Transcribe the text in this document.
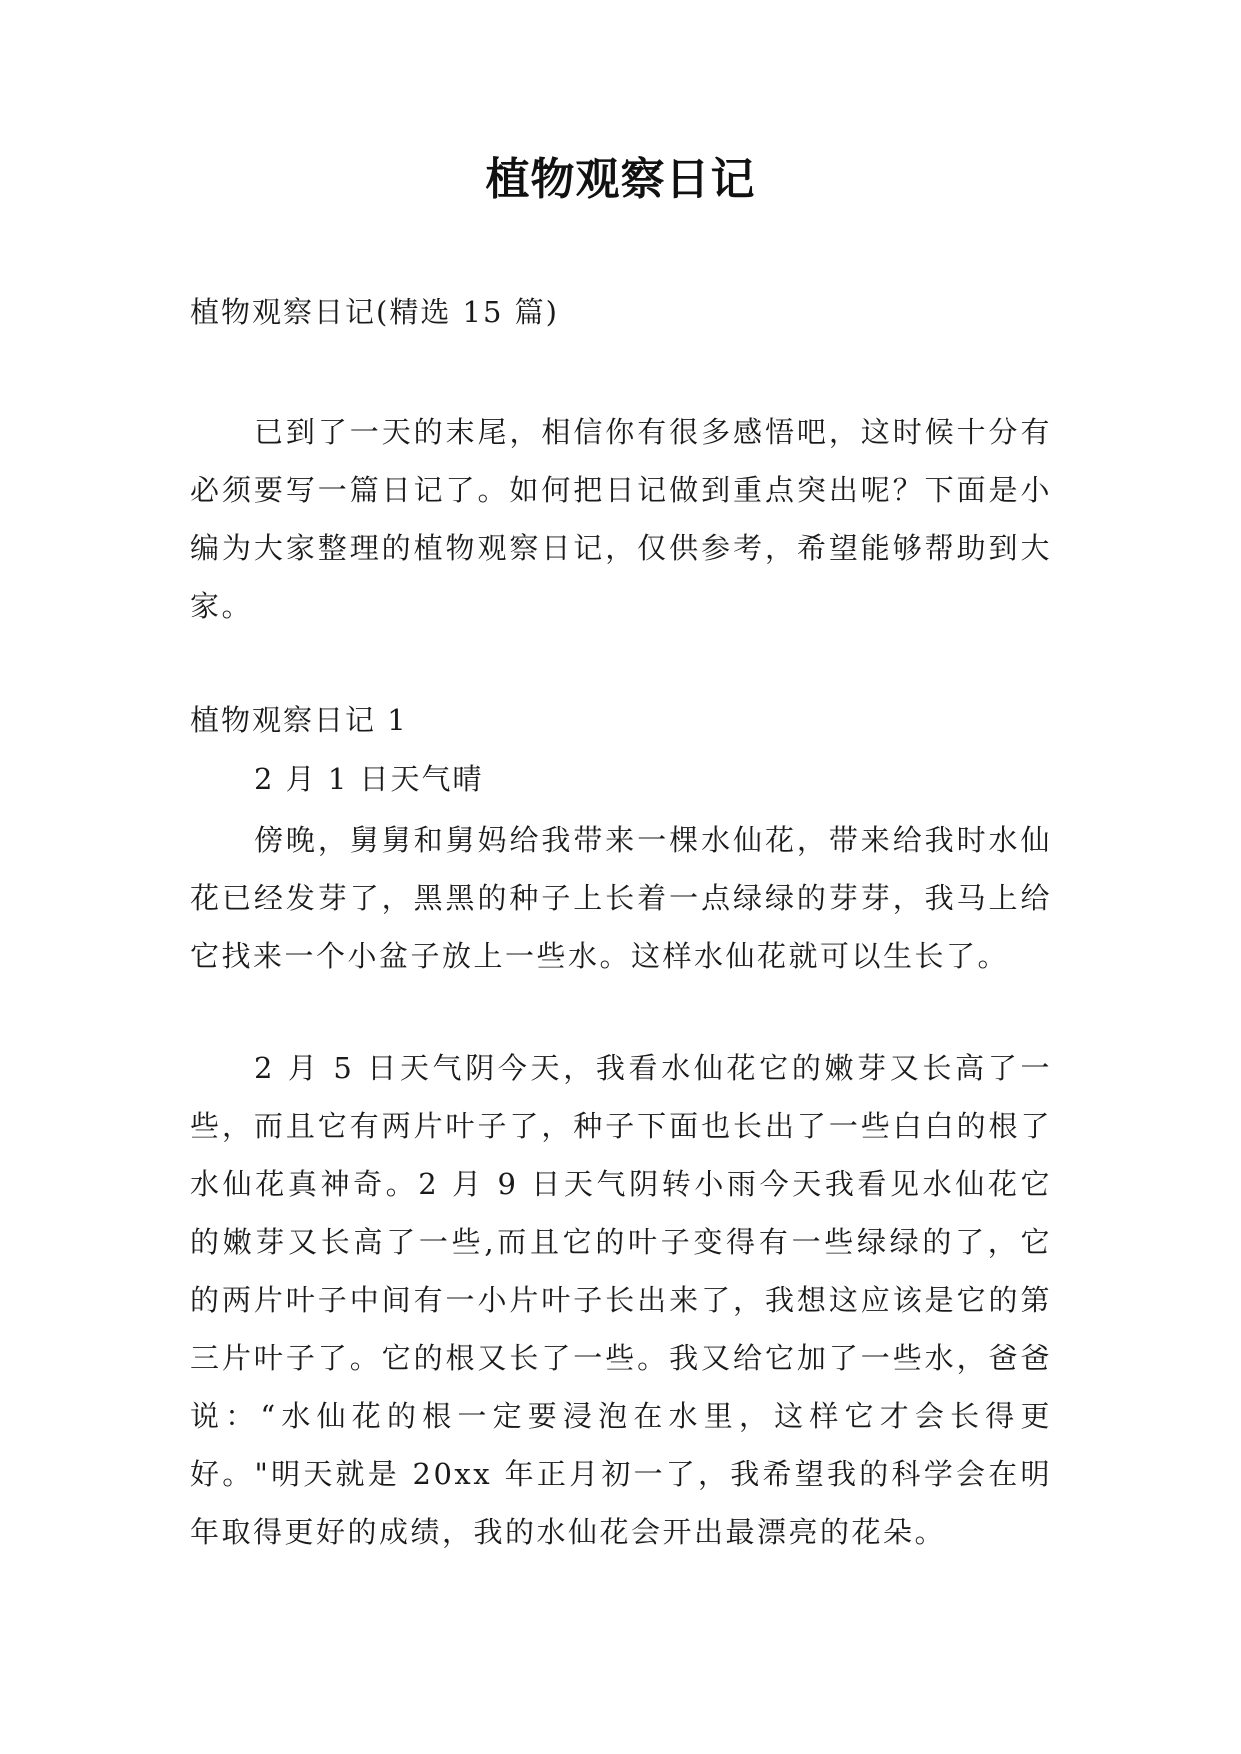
植物观察日记
植物观察日记(精选 15 篇)

已到了一天的末尾，相信你有很多感悟吧，这时候十分有必须要写一篇日记了。如何把日记做到重点突出呢？下面是小编为大家整理的植物观察日记，仅供参考，希望能够帮助到大家。

植物观察日记 1
2 月 1 日天气晴

傍晚，舅舅和舅妈给我带来一棵水仙花，带来给我时水仙花已经发芽了，黑黑的种子上长着一点绿绿的芽芽，我马上给它找来一个小盆子放上一些水。这样水仙花就可以生长了。

2 月 5 日天气阴今天，我看水仙花它的嫩芽又长高了一些，而且它有两片叶子了，种子下面也长出了一些白白的根了水仙花真神奇。2 月 9 日天气阴转小雨今天我看见水仙花它的嫩芽又长高了一些,而且它的叶子变得有一些绿绿的了，它的两片叶子中间有一小片叶子长出来了，我想这应该是它的第三片叶子了。它的根又长了一些。我又给它加了一些水，爸爸说：“水仙花的根一定要浸泡在水里，这样它才会长得更好。"明天就是 20xx 年正月初一了，我希望我的科学会在明年取得更好的成绩，我的水仙花会开出最漂亮的花朵。
